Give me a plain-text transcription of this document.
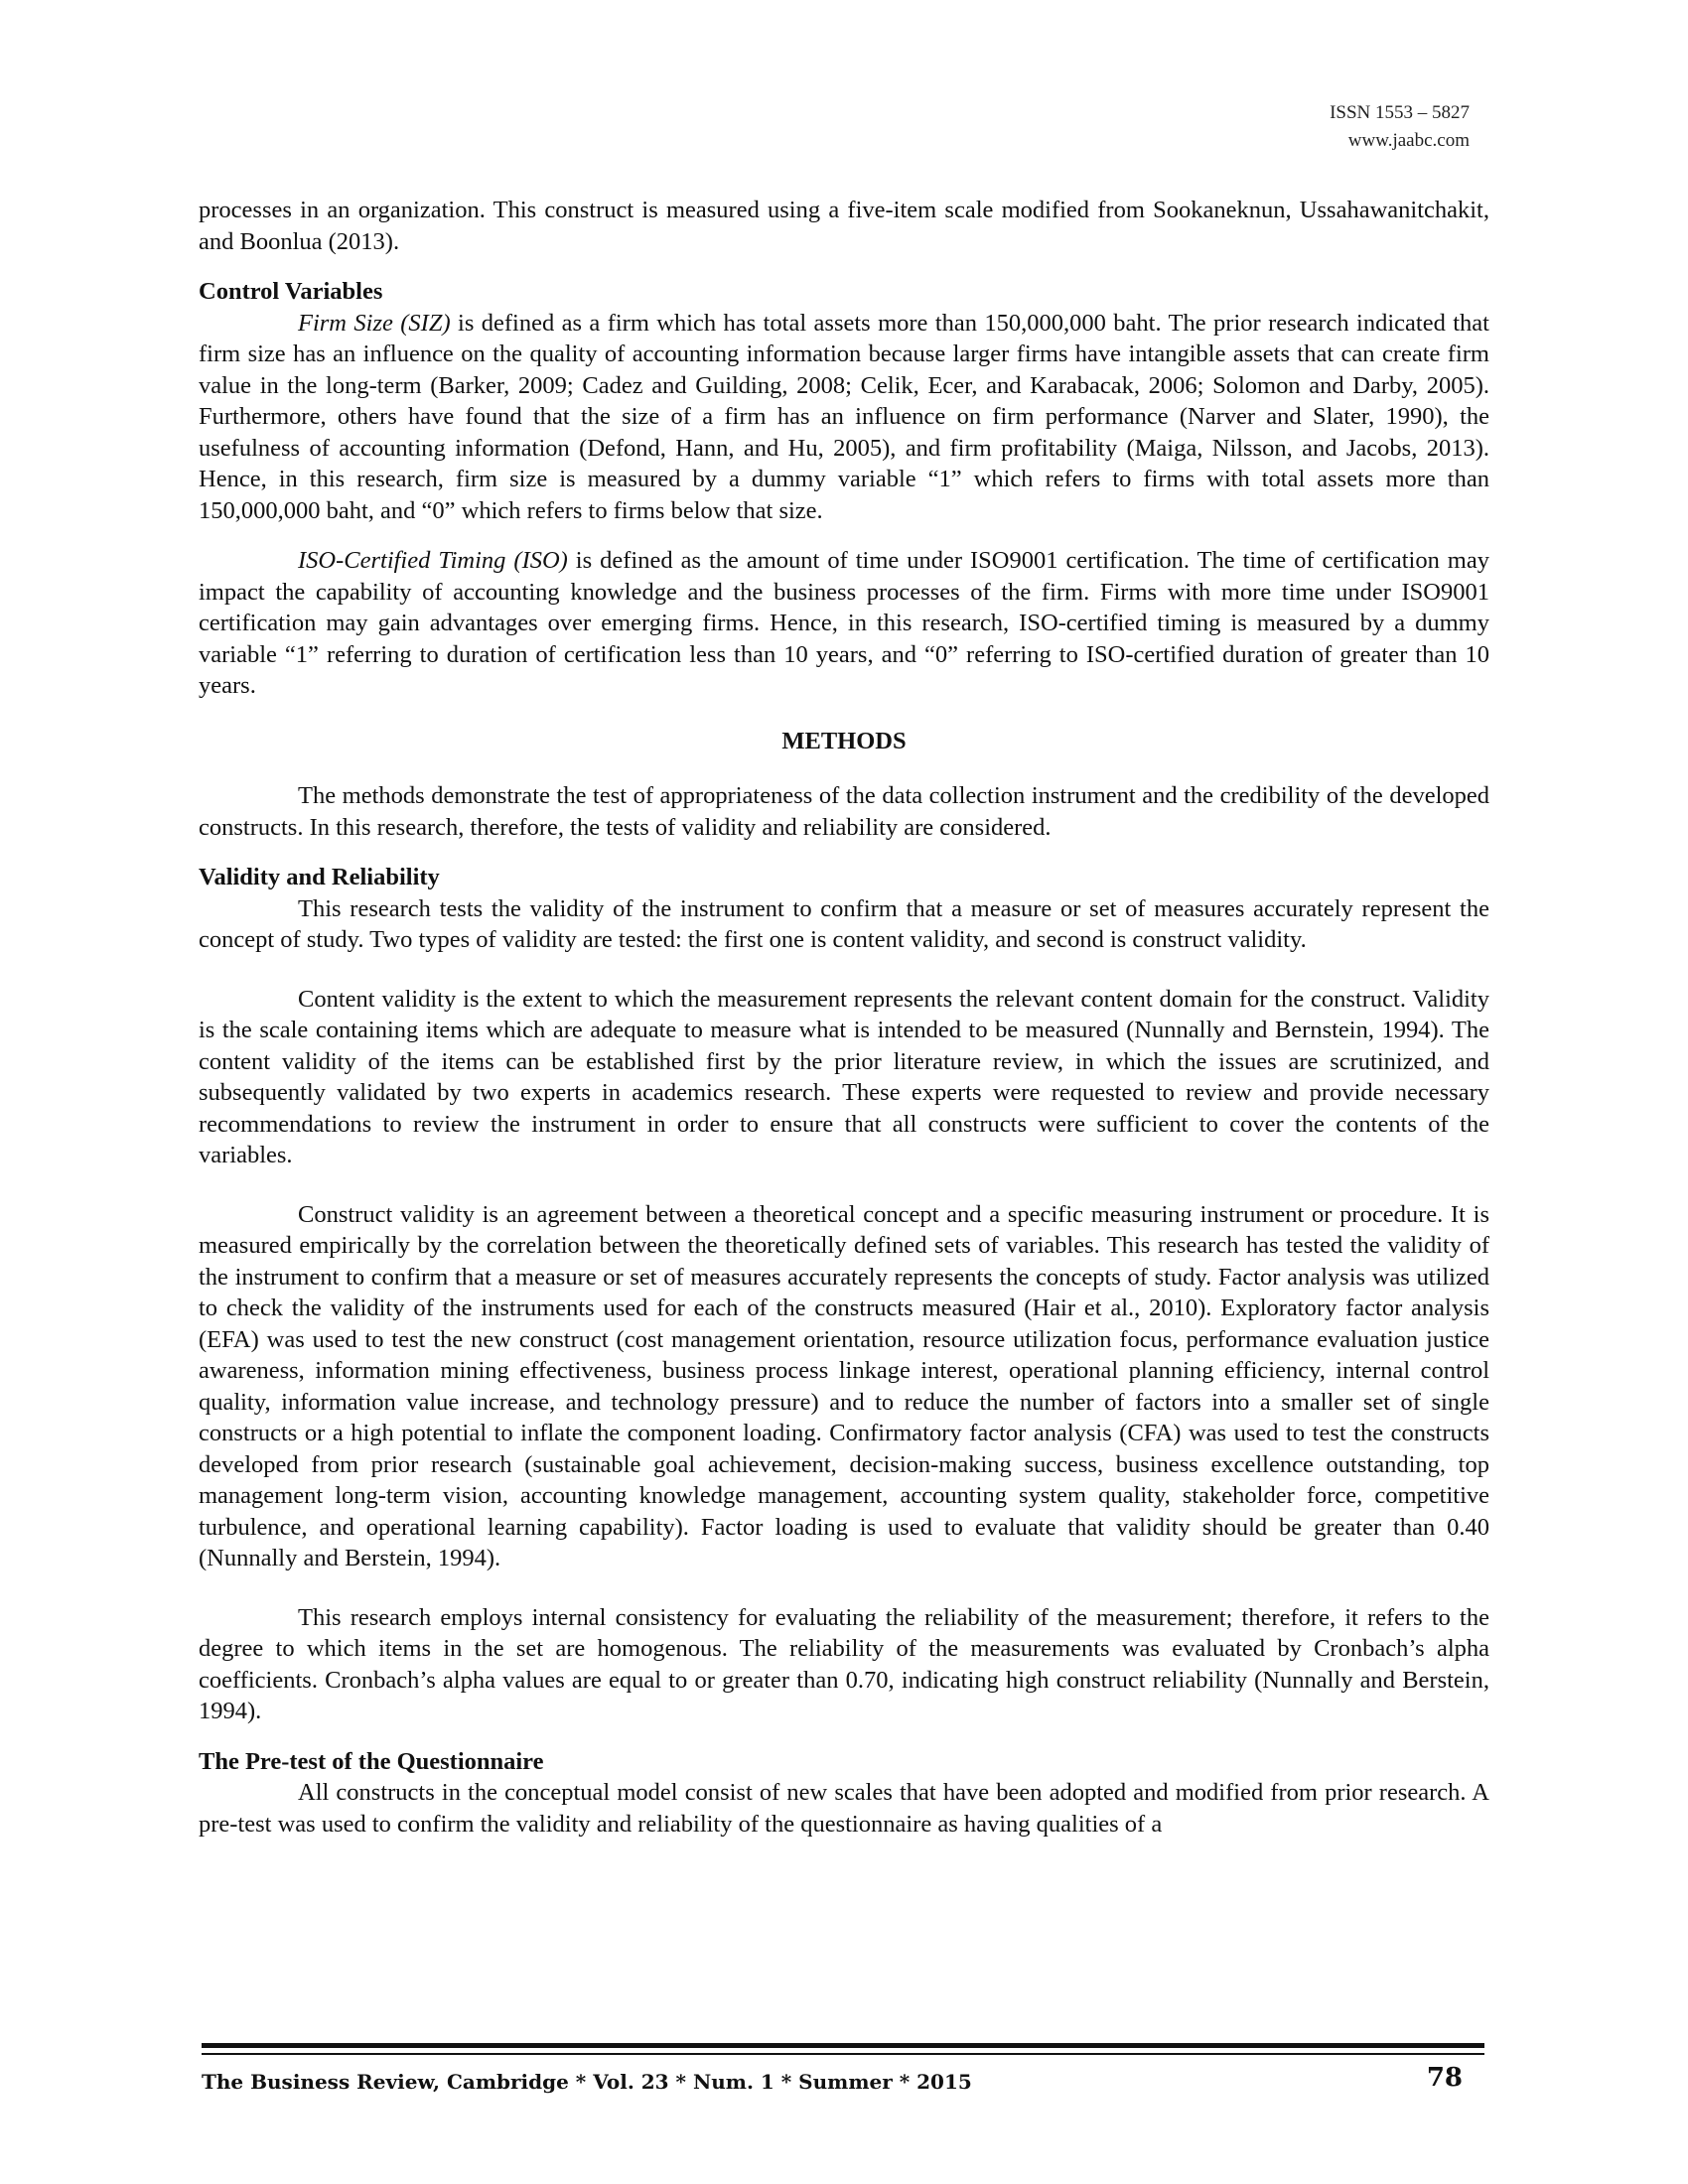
ISSN 1553 – 5827
www.jaabc.com

processes in an organization. This construct is measured using a five-item scale modified from Sookaneknun, Ussahawanitchakit, and Boonlua (2013).

Control Variables

Firm Size (SIZ) is defined as a firm which has total assets more than 150,000,000 baht. The prior research indicated that firm size has an influence on the quality of accounting information because larger firms have intangible assets that can create firm value in the long-term (Barker, 2009; Cadez and Guilding, 2008; Celik, Ecer, and Karabacak, 2006; Solomon and Darby, 2005). Furthermore, others have found that the size of a firm has an influence on firm performance (Narver and Slater, 1990), the usefulness of accounting information (Defond, Hann, and Hu, 2005), and firm profitability (Maiga, Nilsson, and Jacobs, 2013). Hence, in this research, firm size is measured by a dummy variable “1” which refers to firms with total assets more than 150,000,000 baht, and “0” which refers to firms below that size.

ISO-Certified Timing (ISO) is defined as the amount of time under ISO9001 certification. The time of certification may impact the capability of accounting knowledge and the business processes of the firm. Firms with more time under ISO9001 certification may gain advantages over emerging firms. Hence, in this research, ISO-certified timing is measured by a dummy variable “1” referring to duration of certification less than 10 years, and “0” referring to ISO-certified duration of greater than 10 years.

METHODS

The methods demonstrate the test of appropriateness of the data collection instrument and the credibility of the developed constructs. In this research, therefore, the tests of validity and reliability are considered.

Validity and Reliability

This research tests the validity of the instrument to confirm that a measure or set of measures accurately represent the concept of study. Two types of validity are tested: the first one is content validity, and second is construct validity.

Content validity is the extent to which the measurement represents the relevant content domain for the construct. Validity is the scale containing items which are adequate to measure what is intended to be measured (Nunnally and Bernstein, 1994). The content validity of the items can be established first by the prior literature review, in which the issues are scrutinized, and subsequently validated by two experts in academics research. These experts were requested to review and provide necessary recommendations to review the instrument in order to ensure that all constructs were sufficient to cover the contents of the variables.

Construct validity is an agreement between a theoretical concept and a specific measuring instrument or procedure. It is measured empirically by the correlation between the theoretically defined sets of variables. This research has tested the validity of the instrument to confirm that a measure or set of measures accurately represents the concepts of study. Factor analysis was utilized to check the validity of the instruments used for each of the constructs measured (Hair et al., 2010). Exploratory factor analysis (EFA) was used to test the new construct (cost management orientation, resource utilization focus, performance evaluation justice awareness, information mining effectiveness, business process linkage interest, operational planning efficiency, internal control quality, information value increase, and technology pressure) and to reduce the number of factors into a smaller set of single constructs or a high potential to inflate the component loading. Confirmatory factor analysis (CFA) was used to test the constructs developed from prior research (sustainable goal achievement, decision-making success, business excellence outstanding, top management long-term vision, accounting knowledge management, accounting system quality, stakeholder force, competitive turbulence, and operational learning capability). Factor loading is used to evaluate that validity should be greater than 0.40 (Nunnally and Berstein, 1994).

This research employs internal consistency for evaluating the reliability of the measurement; therefore, it refers to the degree to which items in the set are homogenous. The reliability of the measurements was evaluated by Cronbach’s alpha coefficients. Cronbach’s alpha values are equal to or greater than 0.70, indicating high construct reliability (Nunnally and Berstein, 1994).

The Pre-test of the Questionnaire

All constructs in the conceptual model consist of new scales that have been adopted and modified from prior research. A pre-test was used to confirm the validity and reliability of the questionnaire as having qualities of a

The Business Review, Cambridge * Vol. 23 * Num. 1 * Summer * 2015	78
